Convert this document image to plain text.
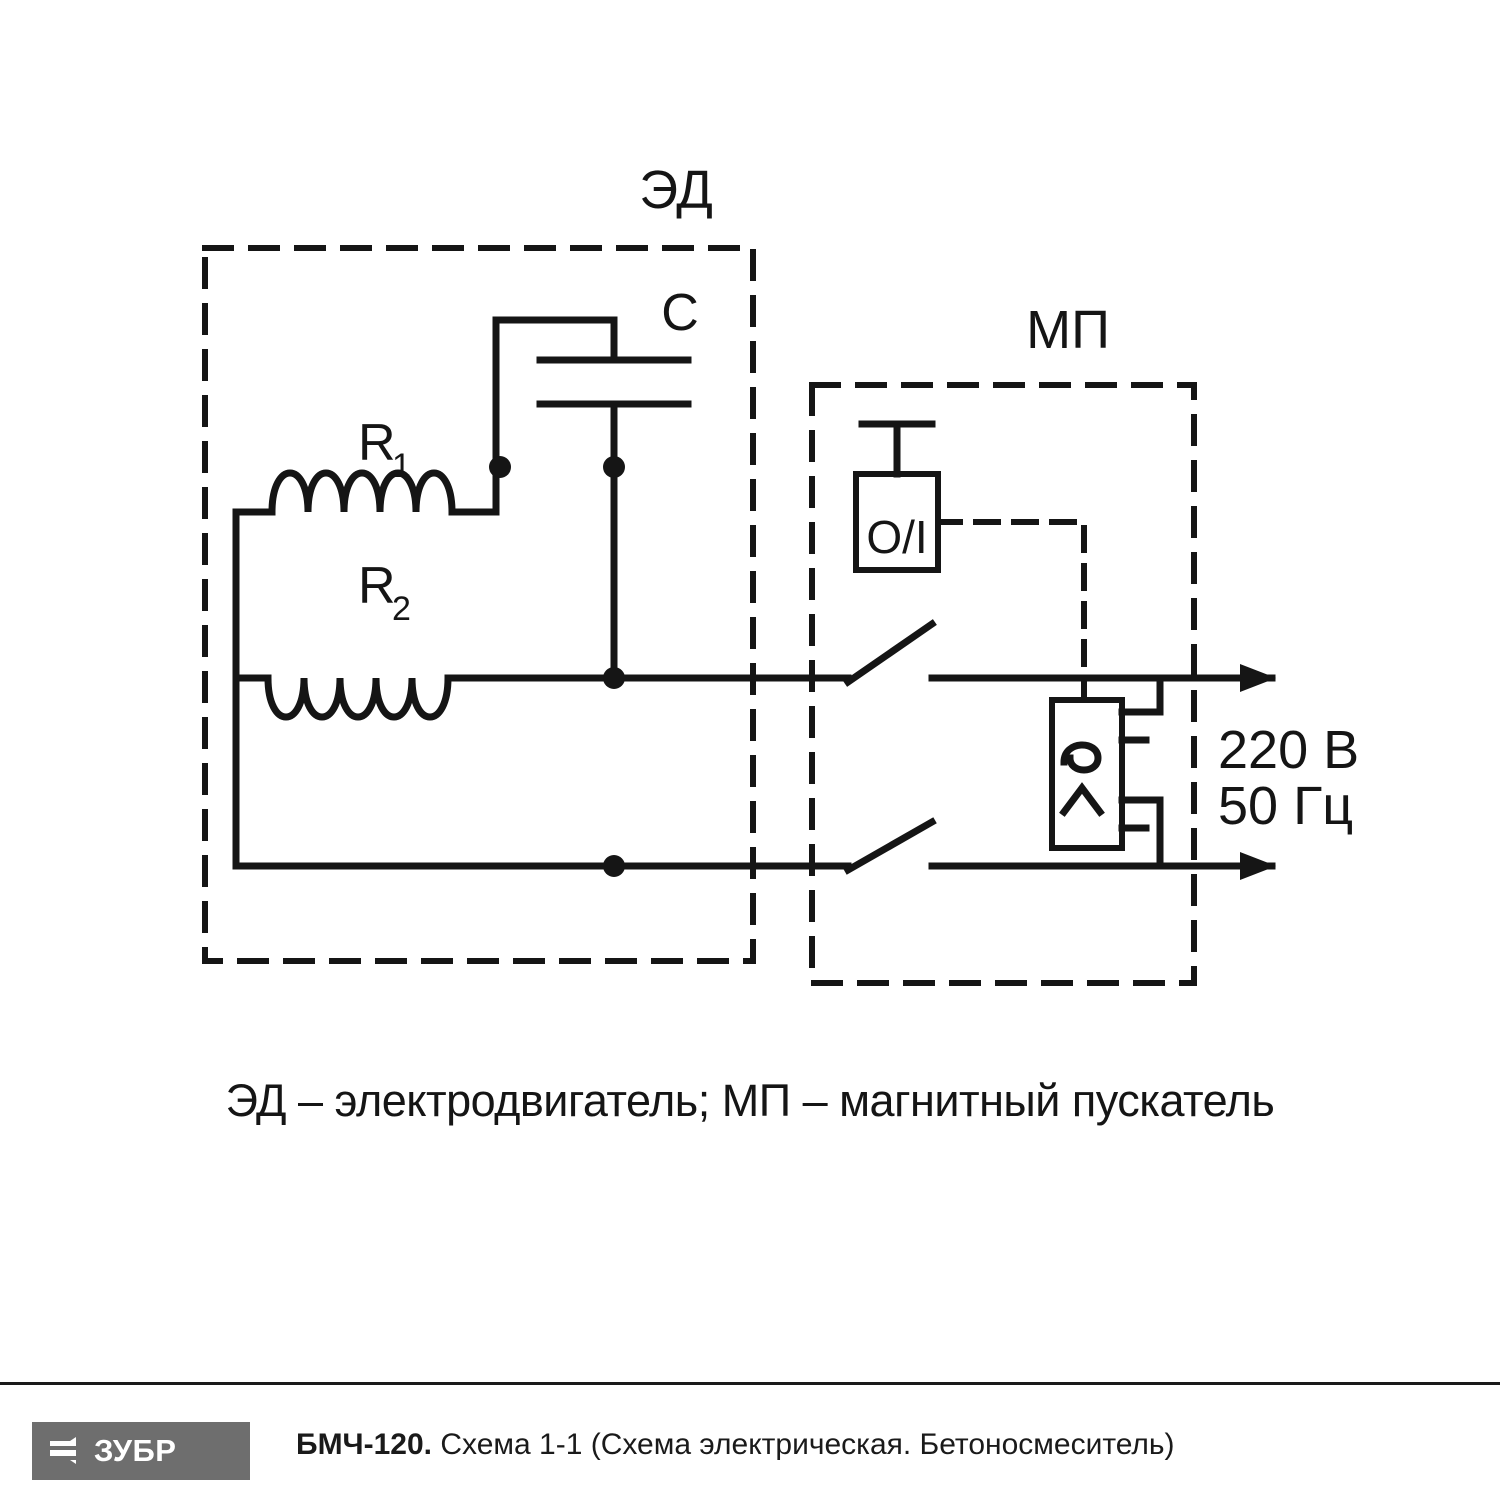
ЭД
МП
C
R
1
R
2
O/I
220 В
50 Гц
ЭД – электродвигатель; МП – магнитный пускатель
ЗУБР	БМЧ-120. Схема 1-1 (Схема электрическая. Бетоносмеситель)
